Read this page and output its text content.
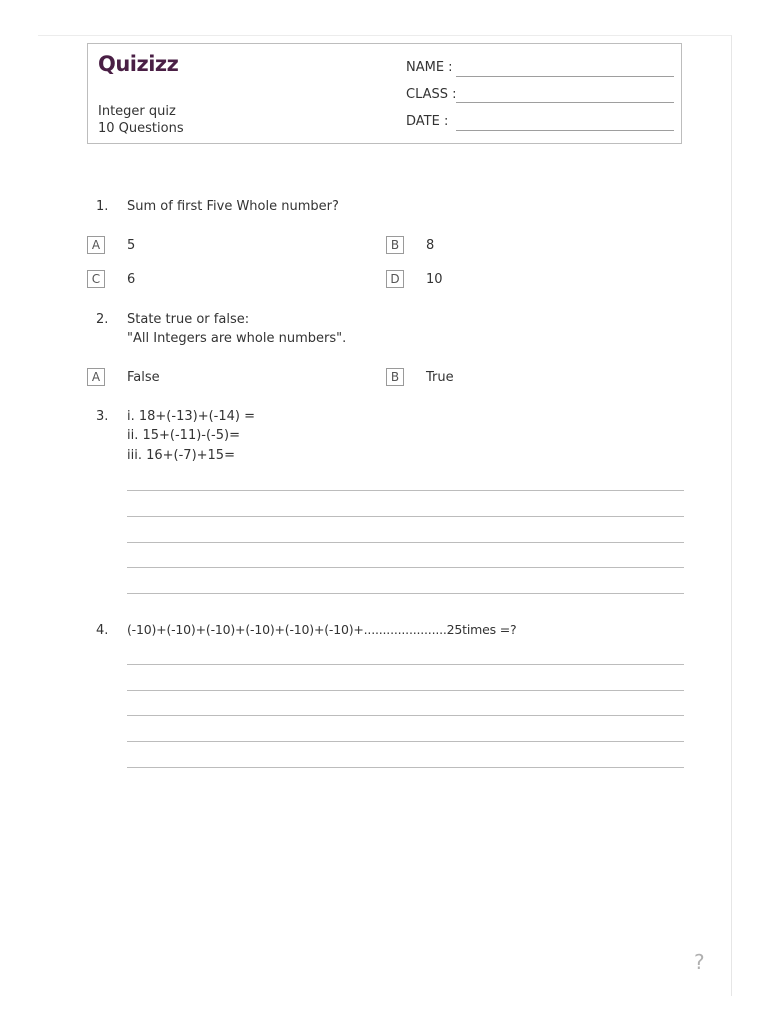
Quizizz
Integer quiz
10 Questions
NAME :
CLASS :
DATE :
1. Sum of first Five Whole number?
A	5	B	8
C	6	D	10
2. State true or false:
"All Integers are whole numbers".
A	False	B	True
3. i. 18+(-13)+(-14) =
ii. 15+(-11)-(-5)=
iii. 16+(-7)+15=
4. (-10)+(-10)+(-10)+(-10)+(-10)+(-10)+......................25times =?
?
